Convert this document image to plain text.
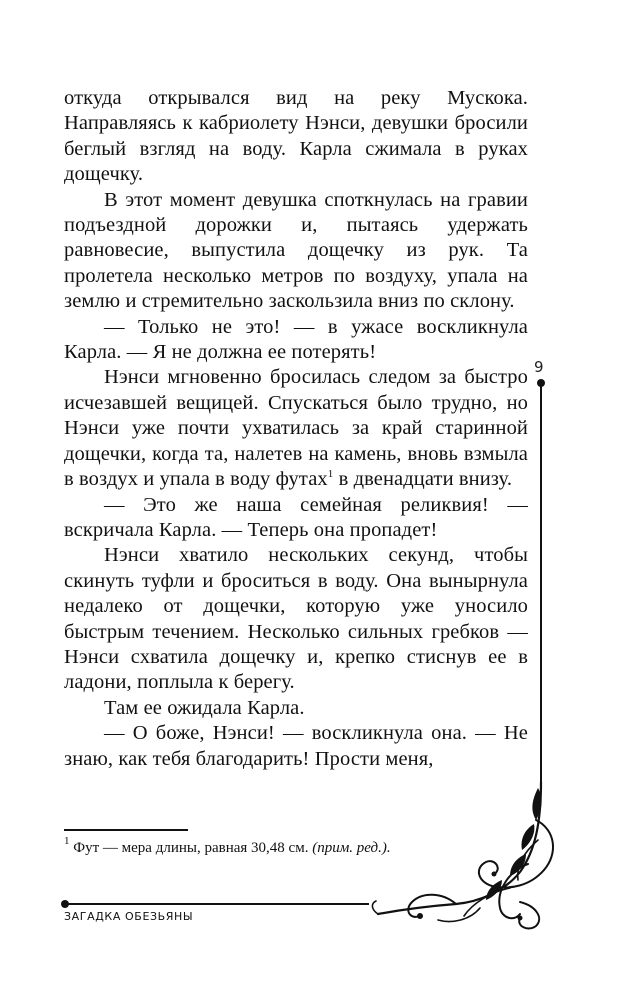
откуда открывался вид на реку Мускока. Направляясь к кабриолету Нэнси, девушки бросили беглый взгляд на воду. Карла сжимала в руках дощечку.

В этот момент девушка споткнулась на гравии подъездной дорожки и, пытаясь удержать равновесие, выпустила дощечку из рук. Та пролетела несколько метров по воздуху, упала на землю и стремительно заскользила вниз по склону.

— Только не это! — в ужасе воскликнула Карла. — Я не должна ее потерять!

Нэнси мгновенно бросилась следом за быстро исчезавшей вещицей. Спускаться было трудно, но Нэнси уже почти ухватилась за край старинной дощечки, когда та, налетев на камень, вновь взмыла в воздух и упала в воду футах$^1$ в двенадцати внизу.

— Это же наша семейная реликвия! — вскричала Карла. — Теперь она пропадет!

Нэнси хватило нескольких секунд, чтобы скинуть туфли и броситься в воду. Она вынырнула недалеко от дощечки, которую уже уносило быстрым течением. Несколько сильных гребков — Нэнси схватила дощечку и, крепко стиснув ее в ладони, поплыла к берегу.

Там ее ожидала Карла.

— О боже, Нэнси! — воскликнула она. — Не знаю, как тебя благодарить! Прости меня,

9
$^1$ Фут — мера длины, равная 30,48 см. (прим. ред.).
ЗАГАДКА ОБЕЗЬЯНЫ
